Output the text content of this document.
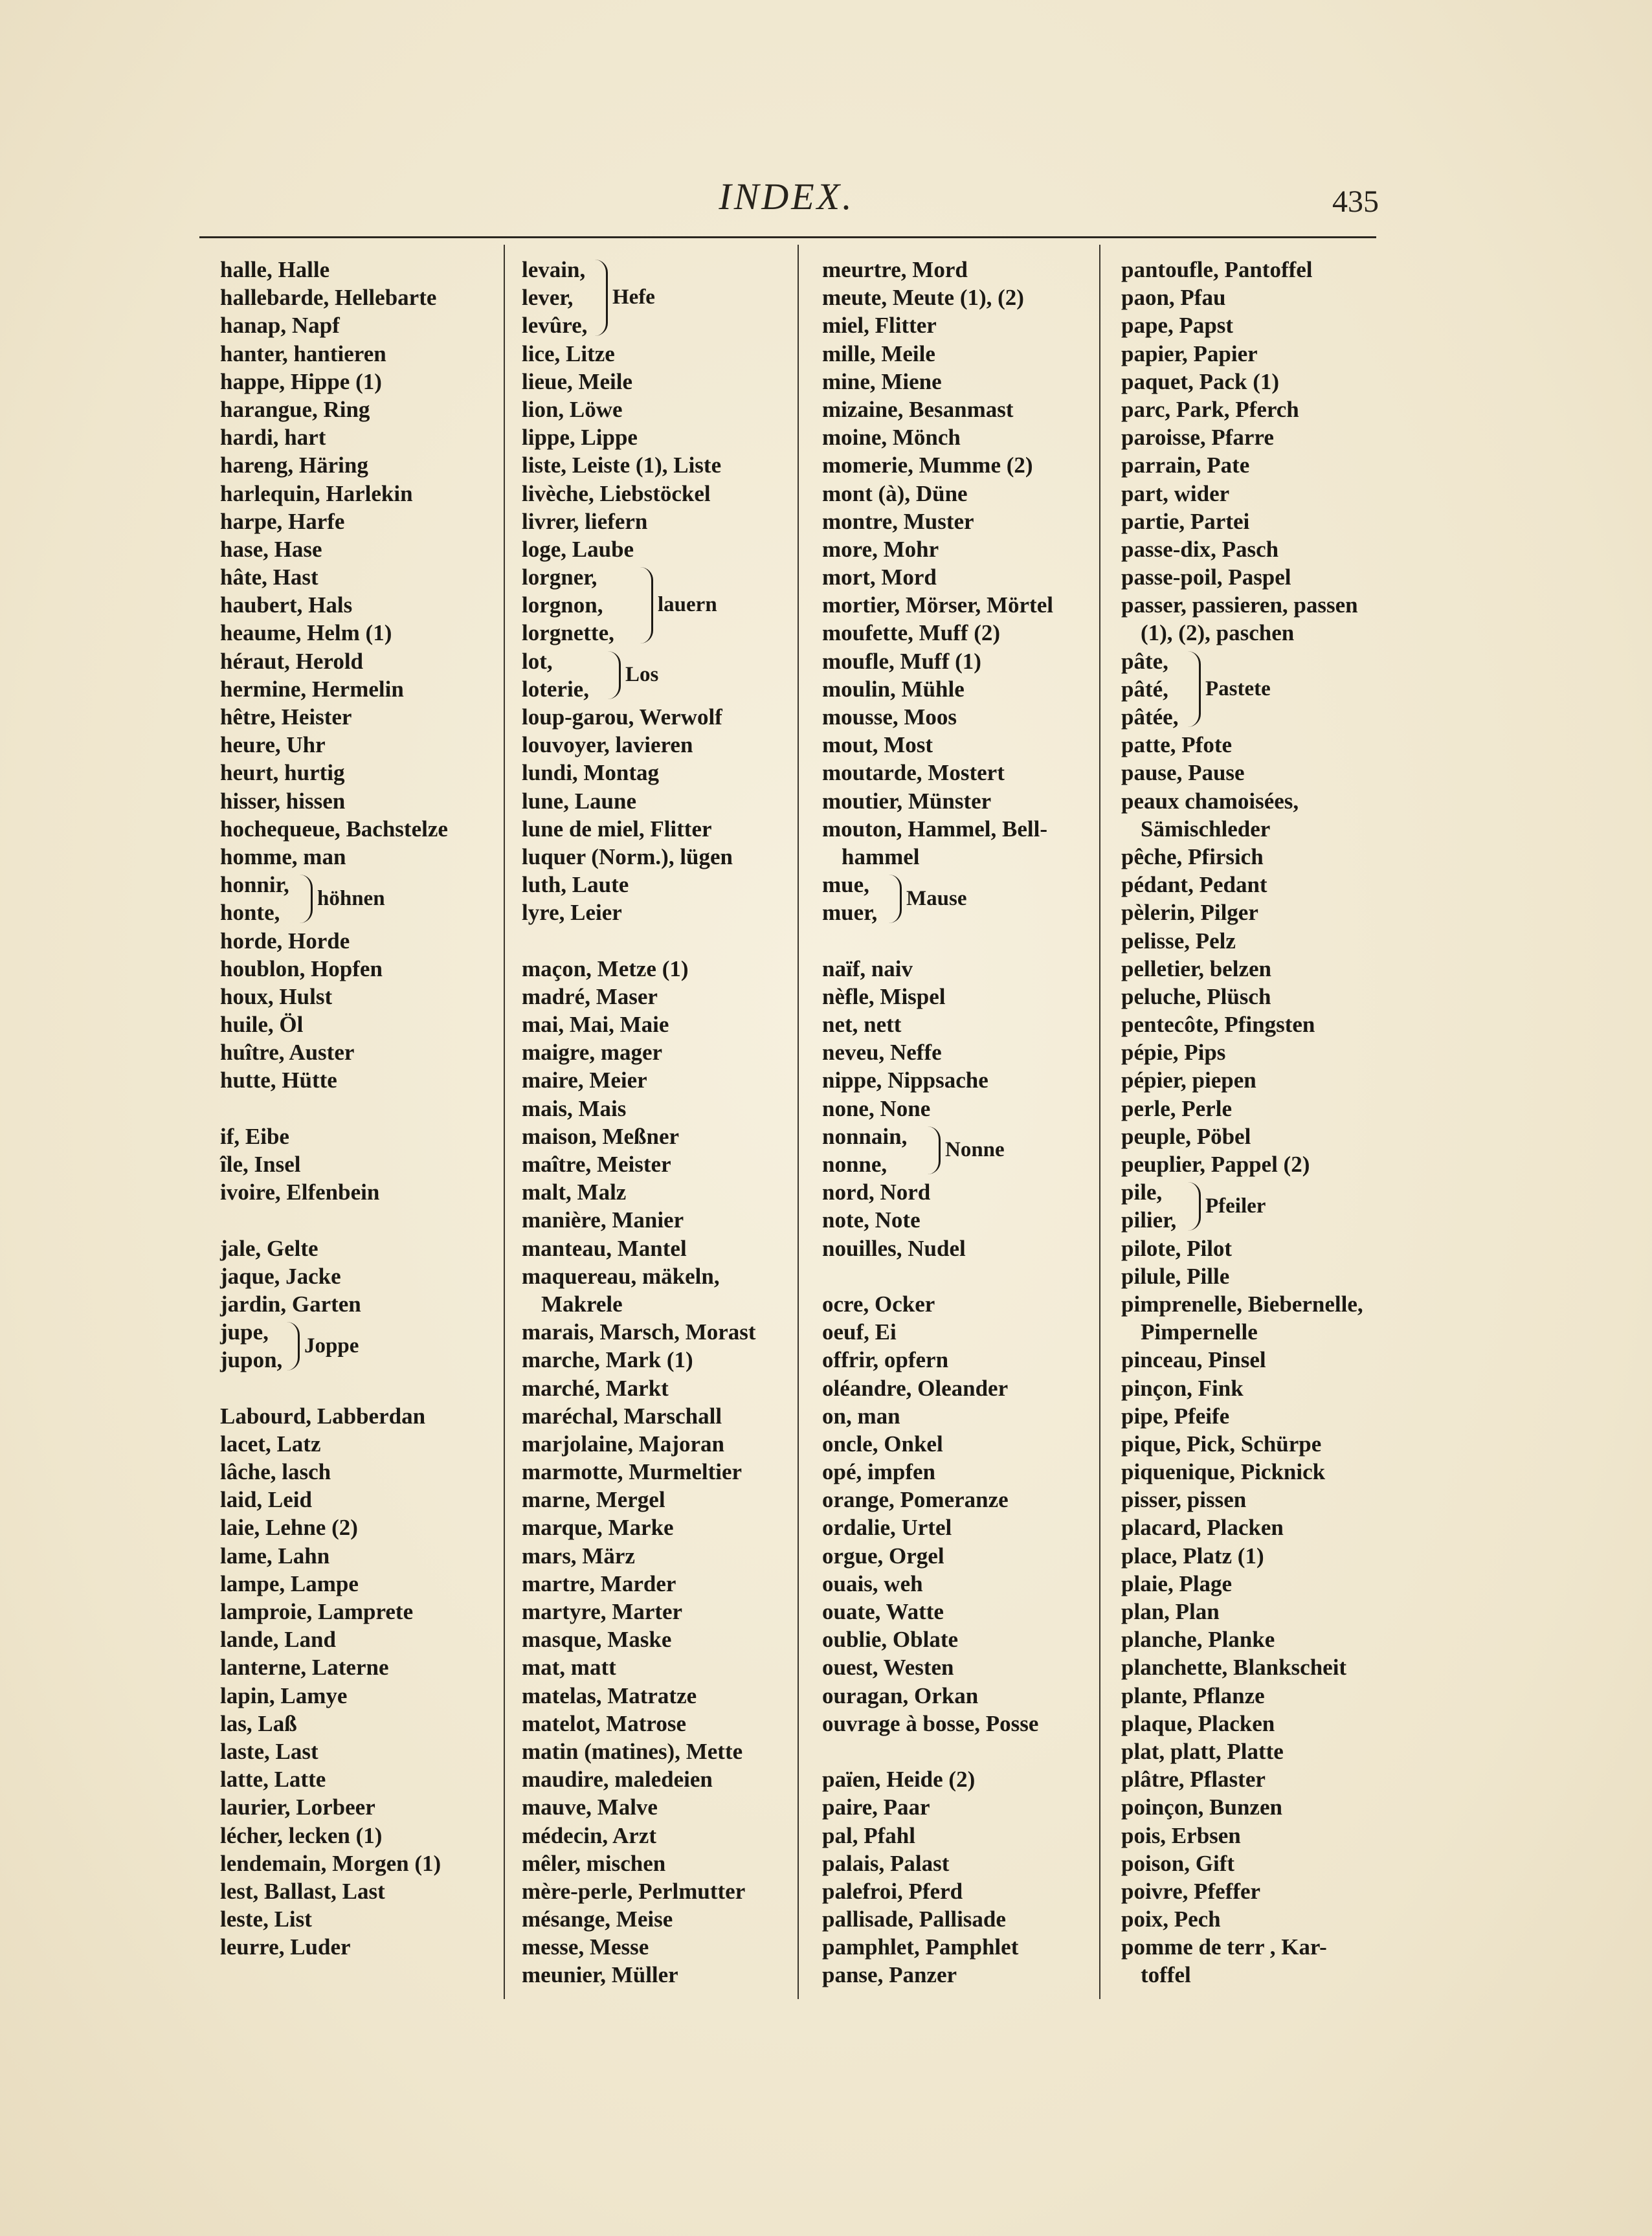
INDEX.	435
halle, Halle
hallebarde, Hellebarte
hanap, Napf
hanter, hantieren
happe, Hippe (1)
harangue, Ring
hardi, hart
hareng, Häring
harlequin, Harlekin
harpe, Harfe
hase, Hase
hâte, Hast
haubert, Hals
heaume, Helm (1)
héraut, Herold
hermine, Hermelin
hêtre, Heister
heure, Uhr
heurt, hurtig
hisser, hissen
hochequeue, Bachstelze
homme, man
honnir,
honte,
höhnen
horde, Horde
houblon, Hopfen
houx, Hulst
huile, Öl
huître, Auster
hutte, Hütte
if, Eibe
île, Insel
ivoire, Elfenbein
jale, Gelte
jaque, Jacke
jardin, Garten
jupe,
jupon,
Joppe
Labourd, Labberdan
lacet, Latz
lâche, lasch
laid, Leid
laie, Lehne (2)
lame, Lahn
lampe, Lampe
lamproie, Lamprete
lande, Land
lanterne, Laterne
lapin, Lamye
las, Laß
laste, Last
latte, Latte
laurier, Lorbeer
lécher, lecken (1)
lendemain, Morgen (1)
lest, Ballast, Last
leste, List
leurre, Luder
levain,
lever,
levûre,
Hefe
lice, Litze
lieue, Meile
lion, Löwe
lippe, Lippe
liste, Leiste (1), Liste
livèche, Liebstöckel
livrer, liefern
loge, Laube
lorgner,
lorgnon,
lorgnette,
lauern
lot,
loterie,
Los
loup-garou, Werwolf
louvoyer, lavieren
lundi, Montag
lune, Laune
lune de miel, Flitter
luquer (Norm.), lügen
luth, Laute
lyre, Leier
maçon, Metze (1)
madré, Maser
mai, Mai, Maie
maigre, mager
maire, Meier
mais, Mais
maison, Meßner
maître, Meister
malt, Malz
manière, Manier
manteau, Mantel
maquereau, mäkeln,
Makrele
marais, Marsch, Morast
marche, Mark (1)
marché, Markt
maréchal, Marschall
marjolaine, Majoran
marmotte, Murmeltier
marne, Mergel
marque, Marke
mars, März
martre, Marder
martyre, Marter
masque, Maske
mat, matt
matelas, Matratze
matelot, Matrose
matin (matines), Mette
maudire, maledeien
mauve, Malve
médecin, Arzt
mêler, mischen
mère-perle, Perlmutter
mésange, Meise
messe, Messe
meunier, Müller
meurtre, Mord
meute, Meute (1), (2)
miel, Flitter
mille, Meile
mine, Miene
mizaine, Besanmast
moine, Mönch
momerie, Mumme (2)
mont (à), Düne
montre, Muster
more, Mohr
mort, Mord
mortier, Mörser, Mörtel
moufette, Muff (2)
moufle, Muff (1)
moulin, Mühle
mousse, Moos
mout, Most
moutarde, Mostert
moutier, Münster
mouton, Hammel, Bell-
hammel
mue,
muer,
Mause
naïf, naiv
nèfle, Mispel
net, nett
neveu, Neffe
nippe, Nippsache
none, None
nonnain,
nonne,
Nonne
nord, Nord
note, Note
nouilles, Nudel
ocre, Ocker
oeuf, Ei
offrir, opfern
oléandre, Oleander
on, man
oncle, Onkel
opé, impfen
orange, Pomeranze
ordalie, Urtel
orgue, Orgel
ouais, weh
ouate, Watte
oublie, Oblate
ouest, Westen
ouragan, Orkan
ouvrage à bosse, Posse
païen, Heide (2)
paire, Paar
pal, Pfahl
palais, Palast
palefroi, Pferd
pallisade, Pallisade
pamphlet, Pamphlet
panse, Panzer
pantoufle, Pantoffel
paon, Pfau
pape, Papst
papier, Papier
paquet, Pack (1)
parc, Park, Pferch
paroisse, Pfarre
parrain, Pate
part, wider
partie, Partei
passe-dix, Pasch
passe-poil, Paspel
passer, passieren, passen
(1), (2), paschen
pâte,
pâté,
pâtée,
Pastete
patte, Pfote
pause, Pause
peaux chamoisées,
Sämischleder
pêche, Pfirsich
pédant, Pedant
pèlerin, Pilger
pelisse, Pelz
pelletier, belzen
peluche, Plüsch
pentecôte, Pfingsten
pépie, Pips
pépier, piepen
perle, Perle
peuple, Pöbel
peuplier, Pappel (2)
pile,
pilier,
Pfeiler
pilote, Pilot
pilule, Pille
pimprenelle, Biebernelle,
Pimpernelle
pinceau, Pinsel
pinçon, Fink
pipe, Pfeife
pique, Pick, Schürpe
piquenique, Picknick
pisser, pissen
placard, Placken
place, Platz (1)
plaie, Plage
plan, Plan
planche, Planke
planchette, Blankscheit
plante, Pflanze
plaque, Placken
plat, platt, Platte
plâtre, Pflaster
poinçon, Bunzen
pois, Erbsen
poison, Gift
poivre, Pfeffer
poix, Pech
pomme de terr , Kar-
toffel
